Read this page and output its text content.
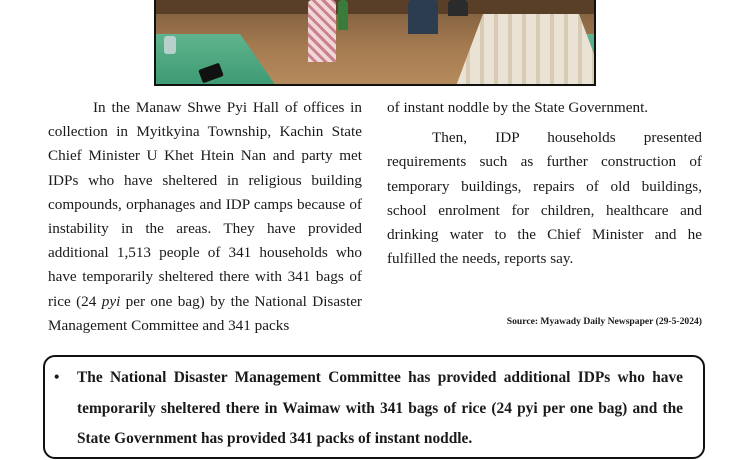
In the Manaw Shwe Pyi Hall of offices in collection in Myitkyina Township, Kachin State Chief Minister U Khet Htein Nan and party met IDPs who have sheltered in religious building compounds, orphanages and IDP camps because of instability in the areas. They have provided additional 1,513 people of 341 households who have temporarily sheltered there with 341 bags of rice (24 pyi per one bag) by the National Disaster Management Committee and 341 packs

of instant noddle by the State Government.

Then, IDP households presented requirements such as further construction of temporary buildings, repairs of old buildings, school enrolment for children, healthcare and drinking water to the Chief Minister and he fulfilled the needs, reports say.

Source: Myawady Daily Newspaper (29-5-2024)
• The National Disaster Management Committee has provided additional IDPs who have temporarily sheltered there in Waimaw with 341 bags of rice (24 pyi per one bag) and the State Government has provided 341 packs of instant noddle.
